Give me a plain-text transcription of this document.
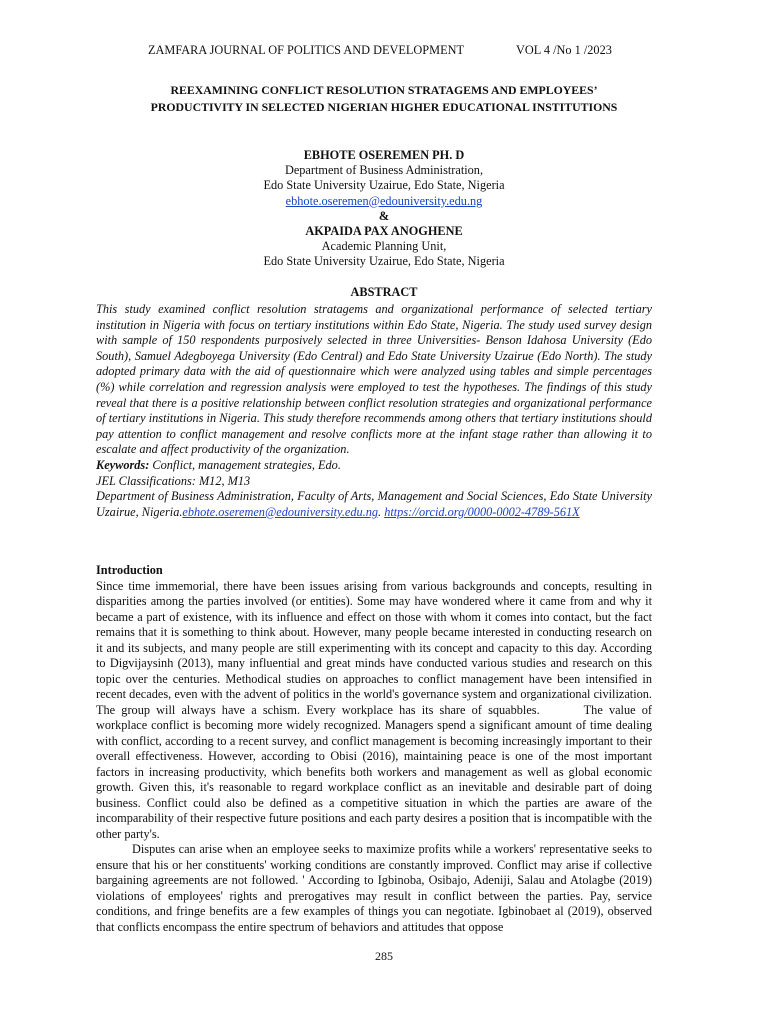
ZAMFARA JOURNAL OF POLITICS AND DEVELOPMENT	VOL 4 /No 1 /2023
REEXAMINING CONFLICT RESOLUTION STRATAGEMS AND EMPLOYEES’
PRODUCTIVITY IN SELECTED NIGERIAN HIGHER EDUCATIONAL INSTITUTIONS
EBHOTE OSEREMEN PH. D
Department of Business Administration,
Edo State University Uzairue, Edo State, Nigeria
ebhote.oseremen@edouniversity.edu.ng
&
AKPAIDA PAX ANOGHENE
Academic Planning Unit,
Edo State University Uzairue, Edo State, Nigeria
ABSTRACT

This study examined conflict resolution stratagems and organizational performance of selected tertiary institution in Nigeria with focus on tertiary institutions within Edo State, Nigeria. The study used survey design with sample of 150 respondents purposively selected in three Universities- Benson Idahosa University (Edo South), Samuel Adegboyega University (Edo Central) and Edo State University Uzairue (Edo North). The study adopted primary data with the aid of questionnaire which were analyzed using tables and simple percentages (%) while correlation and regression analysis were employed to test the hypotheses. The findings of this study reveal that there is a positive relationship between conflict resolution strategies and organizational performance of tertiary institutions in Nigeria. This study therefore recommends among others that tertiary institutions should pay attention to conflict management and resolve conflicts more at the infant stage rather than allowing it to escalate and affect productivity of the organization.

Keywords: Conflict, management strategies, Edo.

JEL Classifications: M12, M13

Department of Business Administration, Faculty of Arts, Management and Social Sciences, Edo State University Uzairue, Nigeria.ebhote.oseremen@edouniversity.edu.ng. https://orcid.org/0000-0002-4789-561X

Introduction

Since time immemorial, there have been issues arising from various backgrounds and concepts, resulting in disparities among the parties involved (or entities). Some may have wondered where it came from and why it became a part of existence, with its influence and effect on those with whom it comes into contact, but the fact remains that it is something to think about. However, many people became interested in conducting research on it and its subjects, and many people are still experimenting with its concept and capacity to this day. According to Digvijaysinh (2013), many influential and great minds have conducted various studies and research on this topic over the centuries. Methodical studies on approaches to conflict management have been intensified in recent decades, even with the advent of politics in the world's governance system and organizational civilization. The group will always have a schism. Every workplace has its share of squabbles.	The value of workplace conflict is becoming more widely recognized. Managers spend a significant amount of time dealing with conflict, according to a recent survey, and conflict management is becoming increasingly important to their overall effectiveness. However, according to Obisi (2016), maintaining peace is one of the most important factors in increasing productivity, which benefits both workers and management as well as global economic growth. Given this, it's reasonable to regard workplace conflict as an inevitable and desirable part of doing business. Conflict could also be defined as a competitive situation in which the parties are aware of the incomparability of their respective future positions and each party desires a position that is incompatible with the other party's.

Disputes can arise when an employee seeks to maximize profits while a workers' representative seeks to ensure that his or her constituents' working conditions are constantly improved. Conflict may arise if collective bargaining agreements are not followed. ' According to Igbinoba, Osibajo, Adeniji, Salau and Atolagbe (2019) violations of employees' rights and prerogatives may result in conflict between the parties. Pay, service conditions, and fringe benefits are a few examples of things you can negotiate. Igbinobaet al (2019), observed that conflicts encompass the entire spectrum of behaviors and attitudes that oppose

285
